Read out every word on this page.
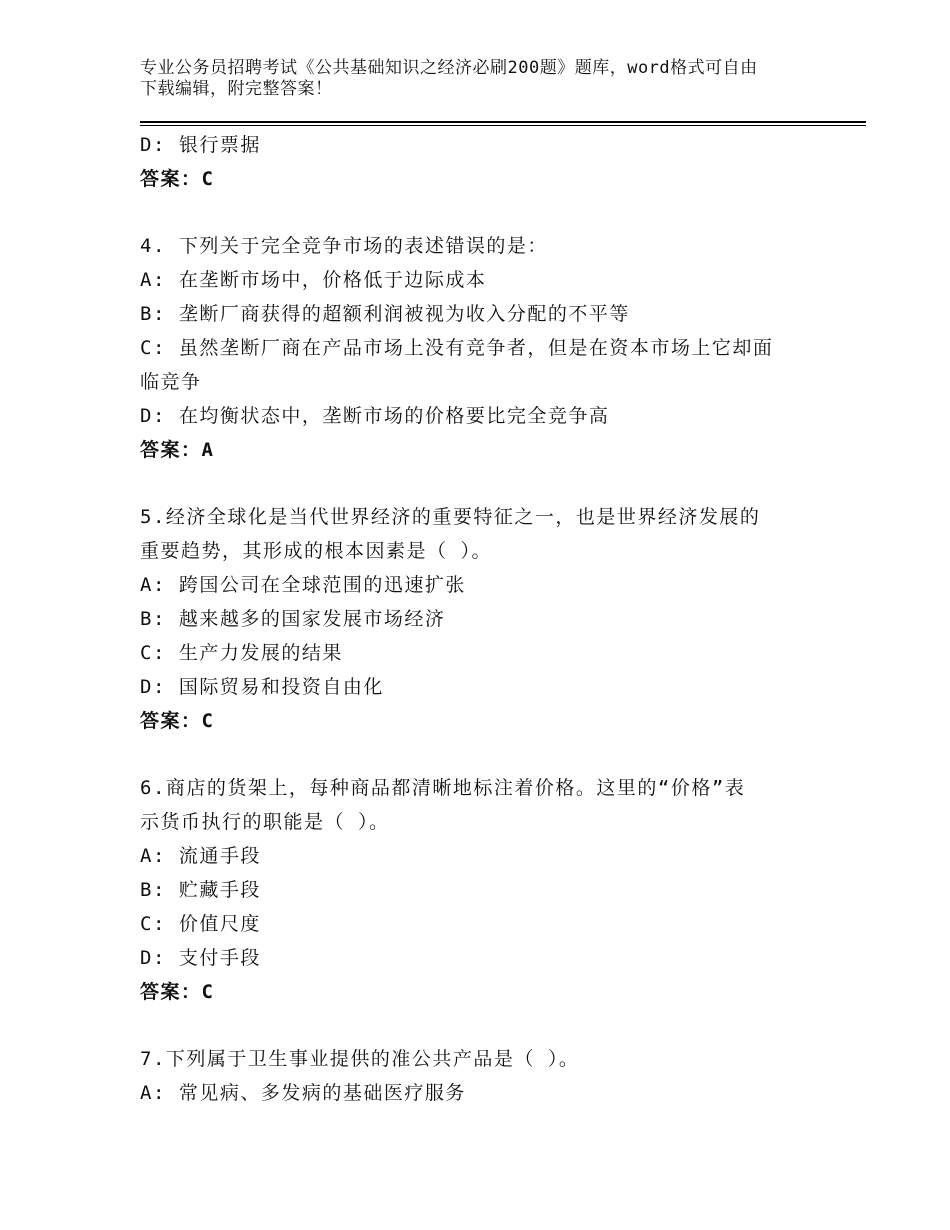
专业公务员招聘考试《公共基础知识之经济必刷200题》题库，word格式可自由
下载编辑，附完整答案！
D: 银行票据
答案：C
4. 下列关于完全竞争市场的表述错误的是：
A: 在垄断市场中，价格低于边际成本
B: 垄断厂商获得的超额利润被视为收入分配的不平等
C: 虽然垄断厂商在产品市场上没有竞争者，但是在资本市场上它却面
临竞争
D: 在均衡状态中，垄断市场的价格要比完全竞争高
答案：A
5.经济全球化是当代世界经济的重要特征之一，也是世界经济发展的
重要趋势，其形成的根本因素是（ ）。
A: 跨国公司在全球范围的迅速扩张
B: 越来越多的国家发展市场经济
C: 生产力发展的结果
D: 国际贸易和投资自由化
答案：C
6.商店的货架上，每种商品都清晰地标注着价格。这里的“价格”表
示货币执行的职能是（ ）。
A: 流通手段
B: 贮藏手段
C: 价值尺度
D: 支付手段
答案：C
7.下列属于卫生事业提供的准公共产品是（ ）。
A: 常见病、多发病的基础医疗服务
